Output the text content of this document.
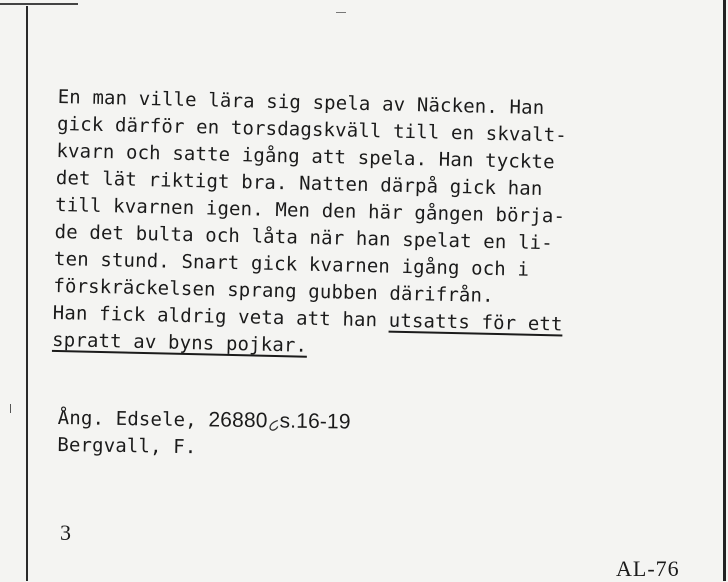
En man ville lära sig spela av Näcken. Han
gick därför en torsdagskväll till en skvalt-
kvarn och satte igång att spela. Han tyckte
det lät riktigt bra. Natten därpå gick han
till kvarnen igen. Men den här gången börja-
de det bulta och låta när han spelat en li-
ten stund. Snart gick kvarnen igång och i
förskräckelsen sprang gubben därifrån.
Han fick aldrig veta att han utsatts för ett
spratt av byns pojkar.
Ång. Edsele, 26880 s.16-19
Bergvall, F.
3
AL-76
